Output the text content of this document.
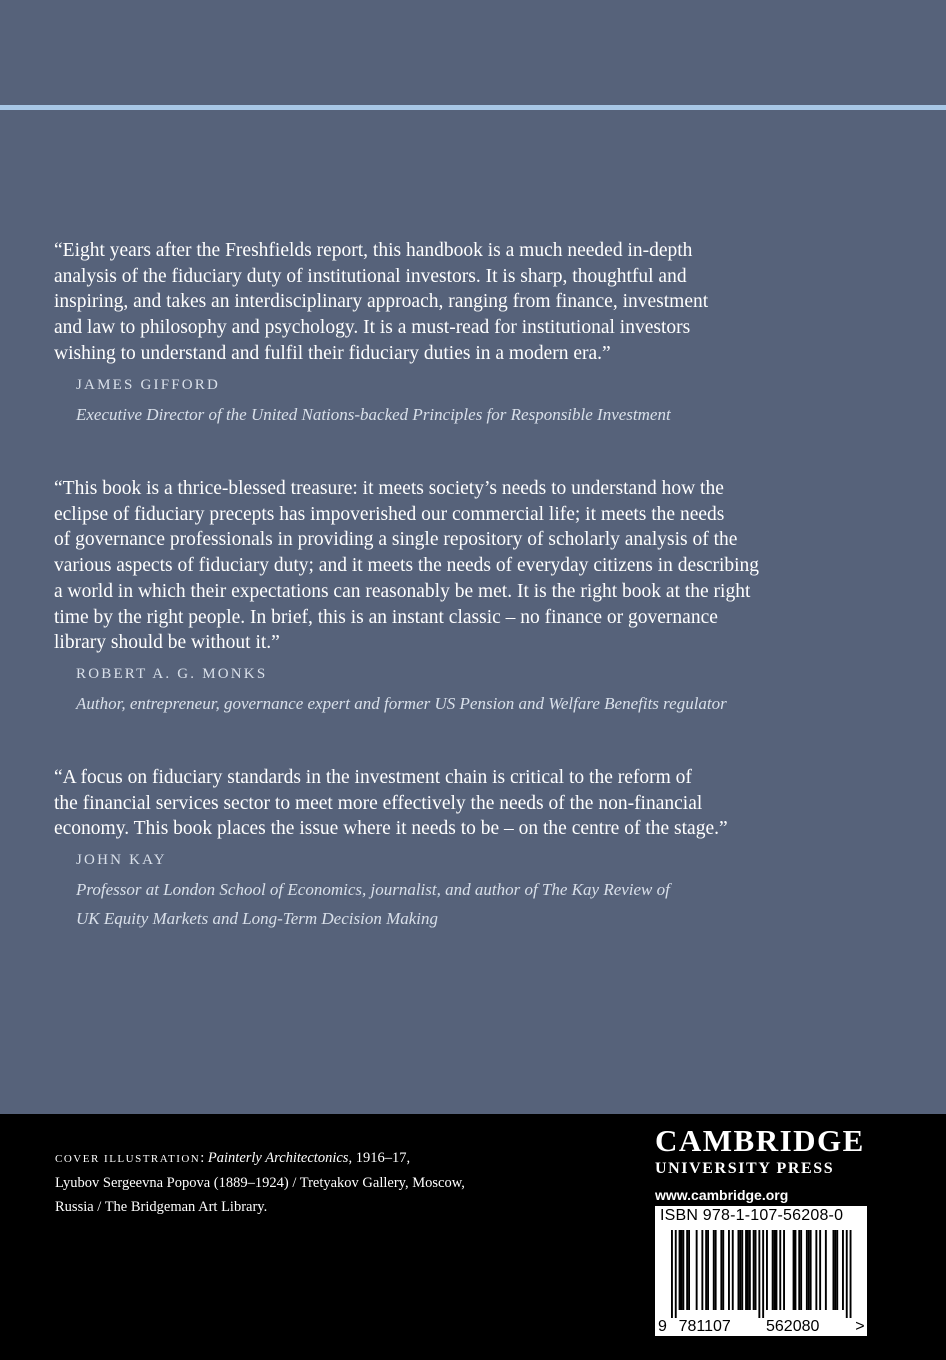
“Eight years after the Freshfields report, this handbook is a much needed in-depth
analysis of the fiduciary duty of institutional investors. It is sharp, thoughtful and
inspiring, and takes an interdisciplinary approach, ranging from finance, investment
and law to philosophy and psychology. It is a must-read for institutional investors
wishing to understand and fulfil their fiduciary duties in a modern era.”

JAMES GIFFORD
Executive Director of the United Nations-backed Principles for Responsible Investment

“This book is a thrice-blessed treasure: it meets society’s needs to understand how the
eclipse of fiduciary precepts has impoverished our commercial life; it meets the needs
of governance professionals in providing a single repository of scholarly analysis of the
various aspects of fiduciary duty; and it meets the needs of everyday citizens in describing
a world in which their expectations can reasonably be met. It is the right book at the right
time by the right people. In brief, this is an instant classic – no finance or governance
library should be without it.”

ROBERT A. G. MONKS
Author, entrepreneur, governance expert and former US Pension and Welfare Benefits regulator

“A focus on fiduciary standards in the investment chain is critical to the reform of
the financial services sector to meet more effectively the needs of the non-financial
economy. This book places the issue where it needs to be – on the centre of the stage.”

JOHN KAY
Professor at London School of Economics, journalist, and author of The Kay Review of
UK Equity Markets and Long-Term Decision Making
COVER ILLUSTRATION: Painterly Architectonics, 1916–17,
Lyubov Sergeevna Popova (1889–1924) / Tretyakov Gallery, Moscow,
Russia / The Bridgeman Art Library.
CAMBRIDGE
UNIVERSITY PRESS
www.cambridge.org
ISBN 978-1-107-56208-0
9 781107 562080 >
